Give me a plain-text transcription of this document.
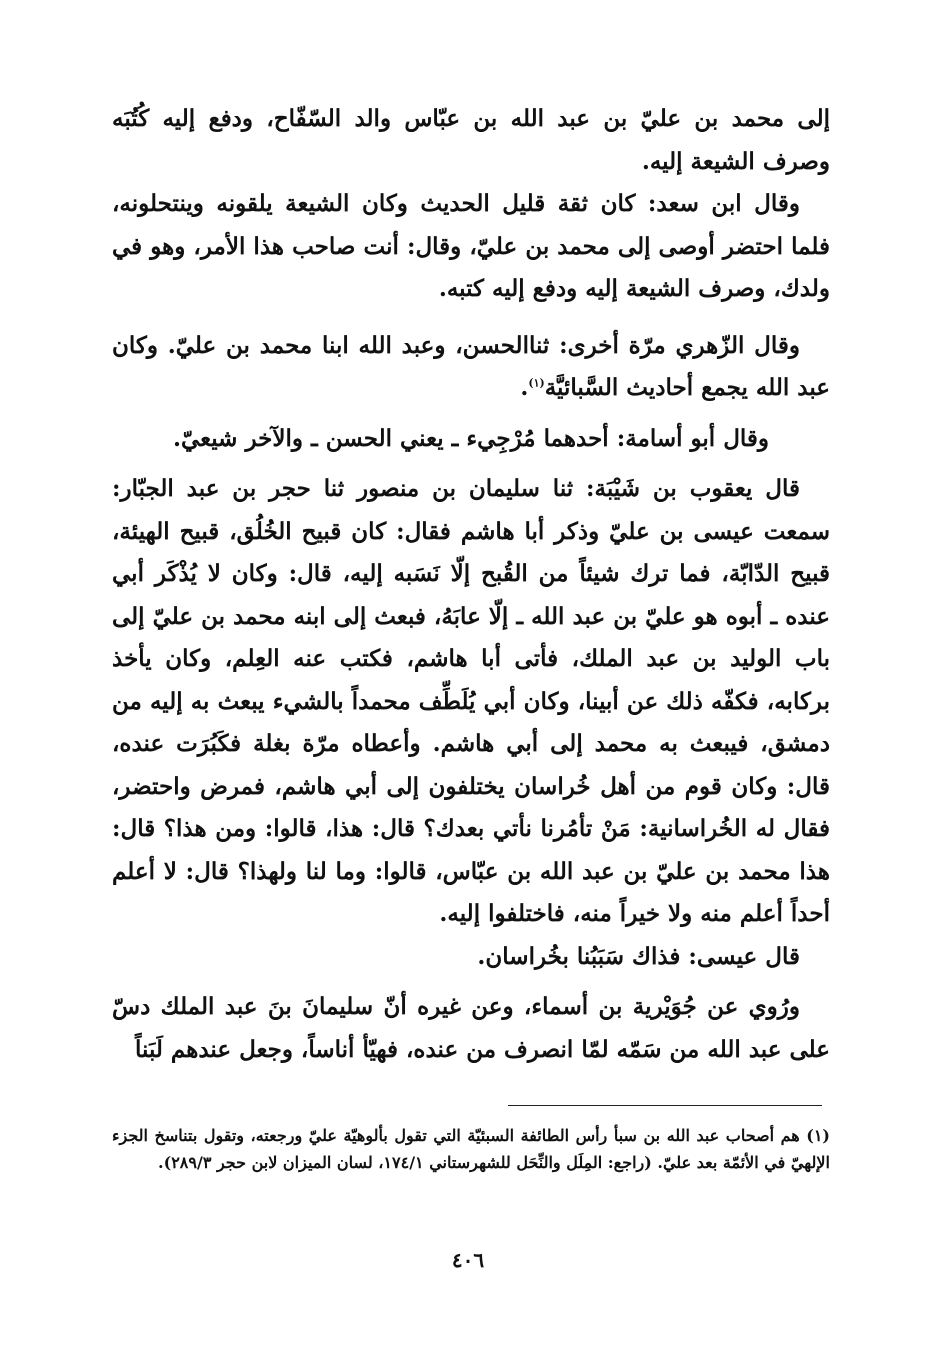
إلى محمد بن عليّ بن عبد الله بن عبّاس والد السّفّاح، ودفع إليه كُتُبَه وصرف الشيعة إليه.

وقال ابن سعد: كان ثقة قليل الحديث وكان الشيعة يلقونه وينتحلونه، فلما احتضر أوصى إلى محمد بن عليّ، وقال: أنت صاحب هذا الأمر، وهو في ولدك، وصرف الشيعة إليه ودفع إليه كتبه.

وقال الزّهري مرّة أخرى: ثناالحسن، وعبد الله ابنا محمد بن عليّ. وكان عبد الله يجمع أحاديث السَّبائيَّة$^{(١)}$.

وقال أبو أسامة: أحدهما مُرْجِيء ـ يعني الحسن ـ والآخر شيعيّ.

قال يعقوب بن شَيْبَة: ثنا سليمان بن منصور ثنا حجر بن عبد الجبّار: سمعت عيسى بن عليّ وذكر أبا هاشم فقال: كان قبيح الخُلُق، قبيح الهيئة، قبيح الدّابّة، فما ترك شيئاً من القُبح إلّا نَسَبه إليه، قال: وكان لا يُذْكَر أبي عنده ـ أبوه هو عليّ بن عبد الله ـ إلّا عابَهُ، فبعث إلى ابنه محمد بن عليّ إلى باب الوليد بن عبد الملك، فأتى أبا هاشم، فكتب عنه العِلم، وكان يأخذ بركابه، فكفّه ذلك عن أبينا، وكان أبي يُلَطِّف محمداً بالشيء يبعث به إليه من دمشق، فيبعث به محمد إلى أبي هاشم. وأعطاه مرّة بغلة فكَبُرَت عنده، قال: وكان قوم من أهل خُراسان يختلفون إلى أبي هاشم، فمرض واحتضر، فقال له الخُراسانية: مَنْ تأمُرنا نأتي بعدك؟ قال: هذا، قالوا: ومن هذا؟ قال: هذا محمد بن عليّ بن عبد الله بن عبّاس، قالوا: وما لنا ولهذا؟ قال: لا أعلم أحداً أعلم منه ولا خيراً منه، فاختلفوا إليه.

قال عيسى: فذاك سَبَبُنا بخُراسان.

ورُوي عن جُوَيْرية بن أسماء، وعن غيره أنّ سليمانَ بنَ عبد الملك دسّ على عبد الله من سَمّه لمّا انصرف من عنده، فهيّأ أناساً، وجعل عندهم لَبَناً

(١) هم أصحاب عبد الله بن سبأ رأس الطائفة السبئيّة التي تقول بألوهيّة عليّ ورجعته، وتقول بتناسخ الجزء الإلهيّ في الأئمّة بعد عليّ. (راجع: المِلَل والنِّحَل للشهرستاني ١٧٤/١، لسان الميزان لابن حجر ٢٨٩/٣).

٤٠٦
